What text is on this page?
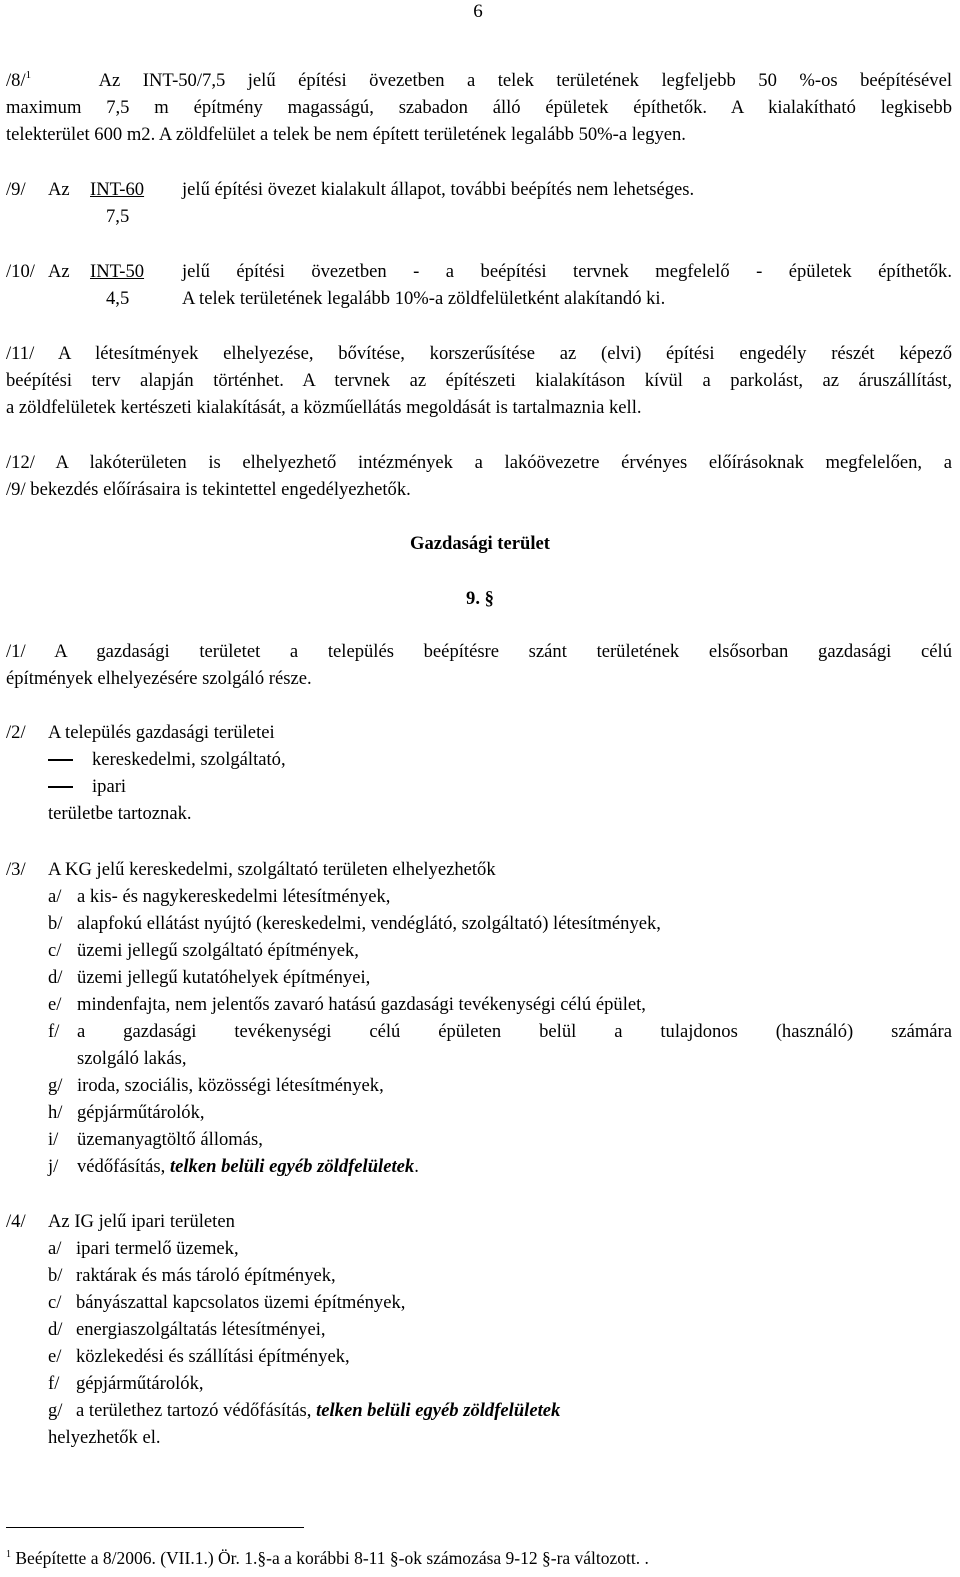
6
/8/$^1$	Az INT-50/7,5 jelű építési övezetben a telek területének legfeljebb 50 %-os beépítésével
maximum 7,5 m építmény magasságú, szabadon álló épületek építhetők. A kialakítható legkisebb
telekterület 600 m2. A zöldfelület a telek be nem épített területének legalább 50%-a legyen.
/9/ Az INT-60 jelű építési övezet kialakult állapot, további beépítés nem lehetséges.
7,5
/10/ Az INT-50 jelű építési övezetben - a beépítési tervnek megfelelő - épületek építhetők.
4,5	A telek területének legalább 10%-a zöldfelületként alakítandó ki.
/11/ A létesítmények elhelyezése, bővítése, korszerűsítése az (elvi) építési engedély részét képező
beépítési terv alapján történhet. A tervnek az építészeti kialakításon kívül a parkolást, az áruszállítást,
a zöldfelületek kertészeti kialakítását, a közműellátás megoldását is tartalmaznia kell.
/12/ A lakóterületen is elhelyezhető intézmények a lakóövezetre érvényes előírásoknak megfelelően, a
/9/ bekezdés előírásaira is tekintettel engedélyezhetők.
Gazdasági terület
9. §
/1/ A gazdasági területet a település beépítésre szánt területének elsősorban gazdasági célú
építmények elhelyezésére szolgáló része.
/2/ A település gazdasági területei
kereskedelmi, szolgáltató,
ipari
területbe tartoznak.
/3/ A KG jelű kereskedelmi, szolgáltató területen elhelyezhetők
a/ a kis- és nagykereskedelmi létesítmények,
b/ alapfokú ellátást nyújtó (kereskedelmi, vendéglátó, szolgáltató) létesítmények,
c/ üzemi jellegű szolgáltató építmények,
d/ üzemi jellegű kutatóhelyek építményei,
e/ mindenfajta, nem jelentős zavaró hatású gazdasági tevékenységi célú épület,
f/ a gazdasági tevékenységi célú épületen belül a tulajdonos (használó) számára
szolgáló lakás,
g/ iroda, szociális, közösségi létesítmények,
h/ gépjárműtárolók,
i/ üzemanyagtöltő állomás,
j/ védőfásítás, telken belüli egyéb zöldfelületek.
/4/ Az IG jelű ipari területen
a/ ipari termelő üzemek,
b/ raktárak és más tároló építmények,
c/ bányászattal kapcsolatos üzemi építmények,
d/ energiaszolgáltatás létesítményei,
e/ közlekedési és szállítási építmények,
f/ gépjárműtárolók,
g/ a területhez tartozó védőfásítás, telken belüli egyéb zöldfelületek
helyezhetők el.
$^1$ Beépítette a 8/2006. (VII.1.) Ör. 1.§-a a korábbi 8-11 §-ok számozása 9-12 §-ra változott. .
